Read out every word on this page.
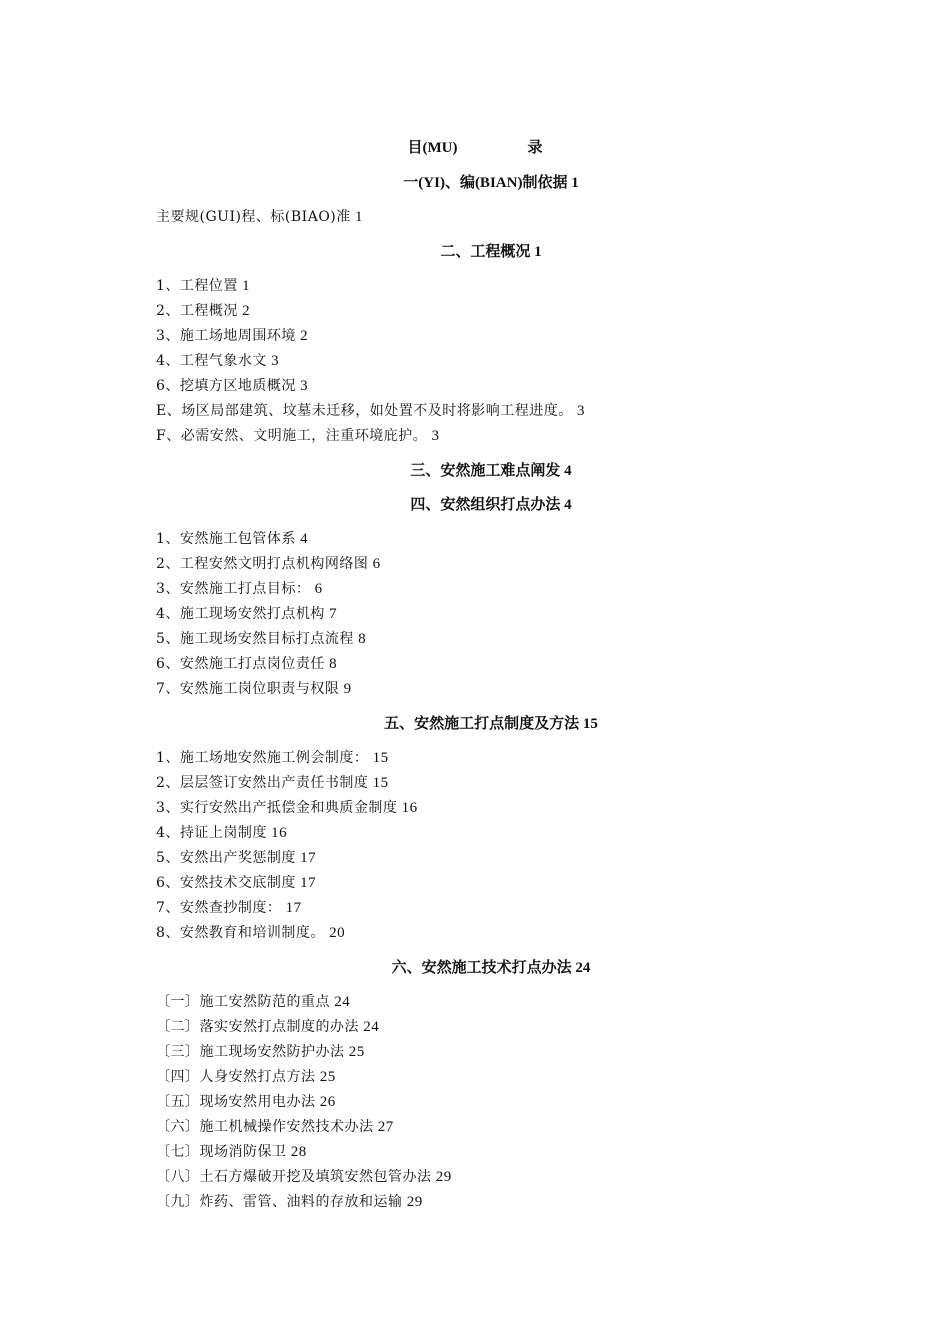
目(MU)	录
一(YI)、编(BIAN)制依据 1
主要规(GUI)程、标(BIAO)准 1
二、工程概况 1
1、工程位置 1
2、工程概况 2
3、施工场地周围环境 2
4、工程气象水文 3
6、挖填方区地质概况 3
E、场区局部建筑、坟墓未迁移，如处置不及时将影响工程进度。 3
F、必需安然、文明施工，注重环境庇护。 3
三、安然施工难点阐发 4
四、安然组织打点办法 4
1、安然施工包管体系 4
2、工程安然文明打点机构网络图 6
3、安然施工打点目标： 6
4、施工现场安然打点机构 7
5、施工现场安然目标打点流程 8
6、安然施工打点岗位责任 8
7、安然施工岗位职责与权限 9
五、安然施工打点制度及方法 15
1、施工场地安然施工例会制度： 15
2、层层签订安然出产责任书制度 15
3、实行安然出产抵偿金和典质金制度 16
4、持证上岗制度 16
5、安然出产奖惩制度 17
6、安然技术交底制度 17
7、安然查抄制度： 17
8、安然教育和培训制度。 20
六、安然施工技术打点办法 24
〔一〕施工安然防范的重点 24
〔二〕落实安然打点制度的办法 24
〔三〕施工现场安然防护办法 25
〔四〕人身安然打点方法 25
〔五〕现场安然用电办法 26
〔六〕施工机械操作安然技术办法 27
〔七〕现场消防保卫 28
〔八〕土石方爆破开挖及填筑安然包管办法 29
〔九〕炸药、雷管、油料的存放和运输 29
